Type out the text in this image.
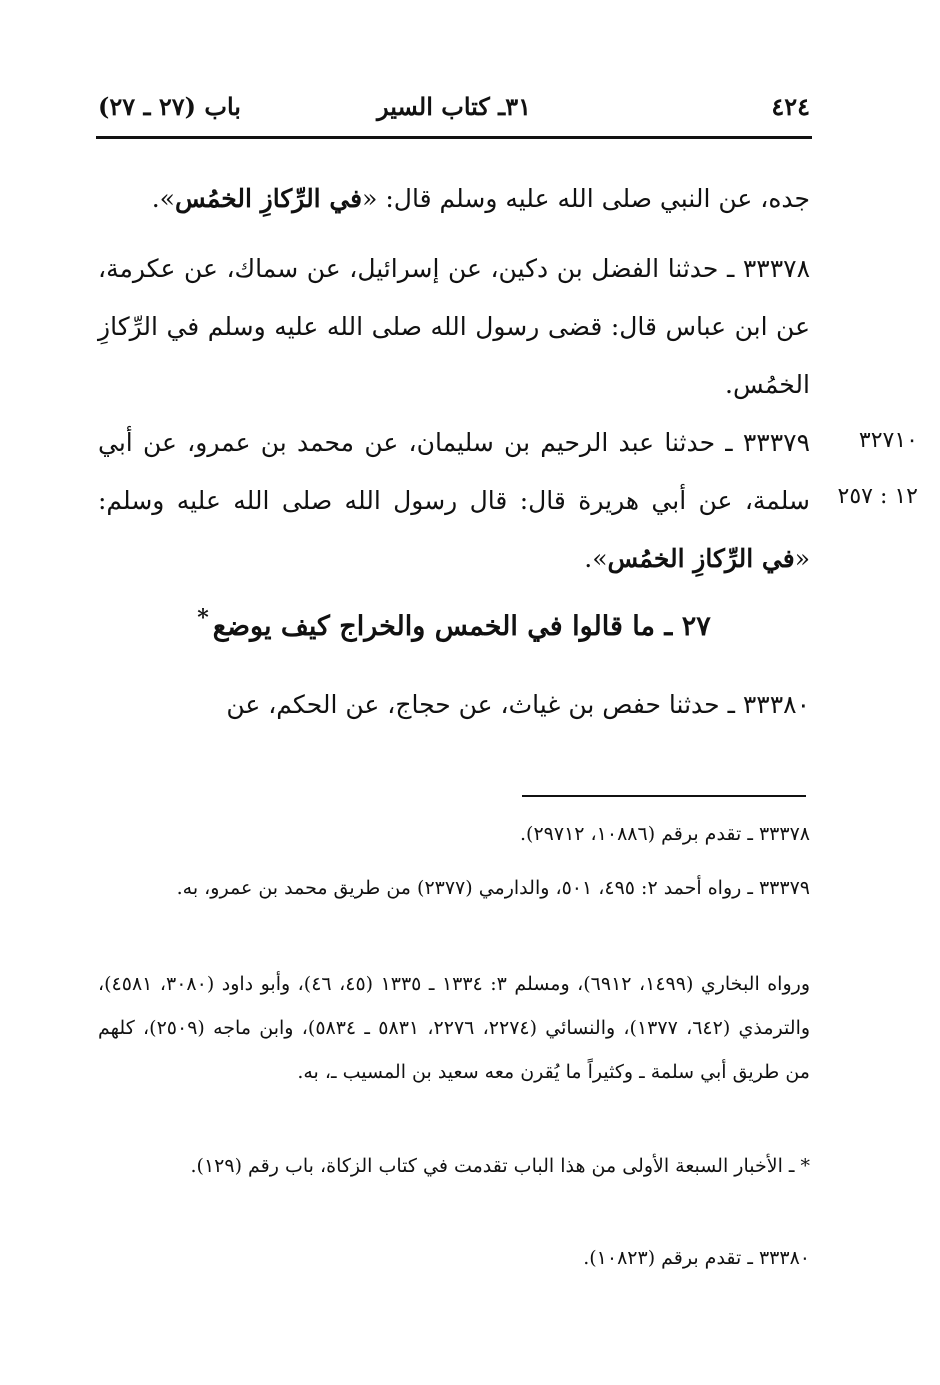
٤٢٤
٣١ـ كتاب السير
باب (٢٧ ـ ٢٧)
جده، عن النبي صلى الله عليه وسلم قال: «في الرِّكازِ الخمُس».
٣٣٣٧٨ ـ حدثنا الفضل بن دكين، عن إسرائيل، عن سماك، عن عكرمة، عن ابن عباس قال: قضى رسول الله صلى الله عليه وسلم في الرِّكازِ الخمُس.
٣٣٣٧٩ ـ حدثنا عبد الرحيم بن سليمان، عن محمد بن عمرو، عن أبي سلمة، عن أبي هريرة قال: قال رسول الله صلى الله عليه وسلم: «في الرِّكازِ الخمُس».
٣٢٧١٠
١٢ : ٢٥٧
٢٧ ـ ما قالوا في الخمس والخراج كيف يوضع*
٣٣٣٨٠ ـ حدثنا حفص بن غياث، عن حجاج، عن الحكم، عن
٣٣٣٧٨ ـ تقدم برقم (١٠٨٨٦، ٢٩٧١٢).
٣٣٣٧٩ ـ رواه أحمد ٢: ٤٩٥، ٥٠١، والدارمي (٢٣٧٧) من طريق محمد بن عمرو، به.
ورواه البخاري (١٤٩٩، ٦٩١٢)، ومسلم ٣: ١٣٣٤ ـ ١٣٣٥ (٤٥، ٤٦)، وأبو داود (٣٠٨٠، ٤٥٨١)، والترمذي (٦٤٢، ١٣٧٧)، والنسائي (٢٢٧٤، ٢٢٧٦، ٥٨٣١ ـ ٥٨٣٤)، وابن ماجه (٢٥٠٩)، كلهم من طريق أبي سلمة ـ وكثيراً ما يُقرن معه سعيد بن المسيب ـ، به.
* ـ الأخبار السبعة الأولى من هذا الباب تقدمت في كتاب الزكاة، باب رقم (١٢٩).
٣٣٣٨٠ ـ تقدم برقم (١٠٨٢٣).
